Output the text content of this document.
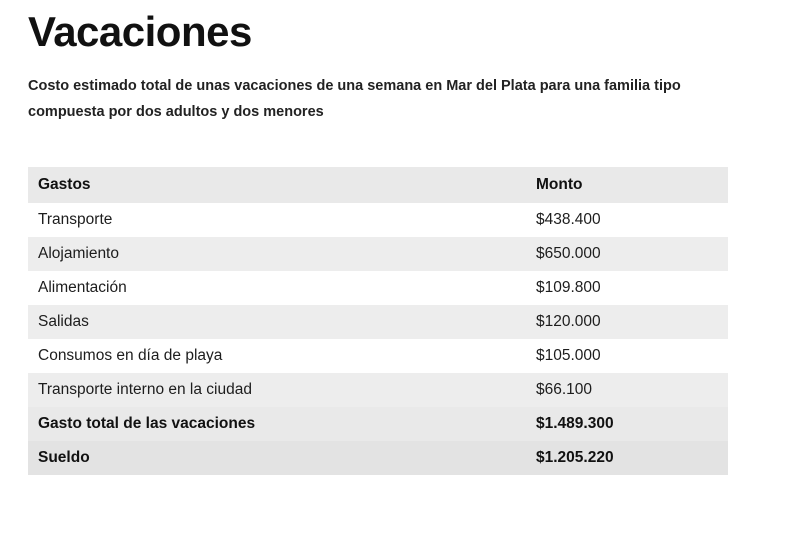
Vacaciones

Costo estimado total de unas vacaciones de una semana en Mar del Plata para una familia tipo compuesta por dos adultos y dos menores

Gastos	Monto
Transporte	$438.400
Alojamiento	$650.000
Alimentación	$109.800
Salidas	$120.000
Consumos en día de playa	$105.000
Transporte interno en la ciudad	$66.100
Gasto total de las vacaciones	$1.489.300
Sueldo	$1.205.220
